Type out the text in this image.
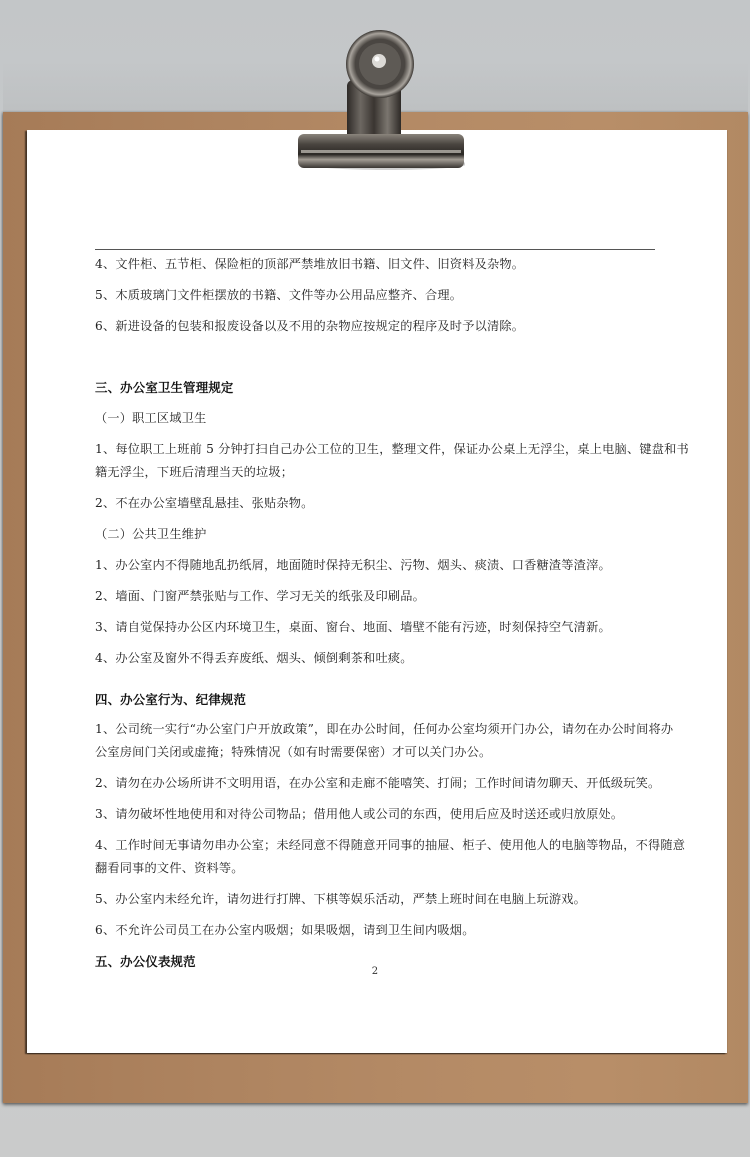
4、文件柜、五节柜、保险柜的顶部严禁堆放旧书籍、旧文件、旧资料及杂物。
5、木质玻璃门文件柜摆放的书籍、文件等办公用品应整齐、合理。
6、新进设备的包装和报废设备以及不用的杂物应按规定的程序及时予以清除。
三、办公室卫生管理规定
（一）职工区域卫生
1、每位职工上班前 5 分钟打扫自己办公工位的卫生，整理文件，保证办公桌上无浮尘，桌上电脑、键盘和书
籍无浮尘，下班后清理当天的垃圾；
2、不在办公室墙壁乱悬挂、张贴杂物。
（二）公共卫生维护
1、办公室内不得随地乱扔纸屑，地面随时保持无积尘、污物、烟头、痰渍、口香糖渣等渣滓。
2、墙面、门窗严禁张贴与工作、学习无关的纸张及印刷品。
3、请自觉保持办公区内环境卫生，桌面、窗台、地面、墙壁不能有污迹，时刻保持空气清新。
4、办公室及窗外不得丢弃废纸、烟头、倾倒剩茶和吐痰。
四、办公室行为、纪律规范
1、公司统一实行“办公室门户开放政策”，即在办公时间，任何办公室均须开门办公，请勿在办公时间将办
公室房间门关闭或虚掩；特殊情况（如有时需要保密）才可以关门办公。
2、请勿在办公场所讲不文明用语，在办公室和走廊不能嘻笑、打闹；工作时间请勿聊天、开低级玩笑。
3、请勿破坏性地使用和对待公司物品；借用他人或公司的东西，使用后应及时送还或归放原处。
4、工作时间无事请勿串办公室；未经同意不得随意开同事的抽屉、柜子、使用他人的电脑等物品，不得随意
翻看同事的文件、资料等。
5、办公室内未经允许，请勿进行打牌、下棋等娱乐活动，严禁上班时间在电脑上玩游戏。
6、不允许公司员工在办公室内吸烟；如果吸烟，请到卫生间内吸烟。
五、办公仪表规范
2
